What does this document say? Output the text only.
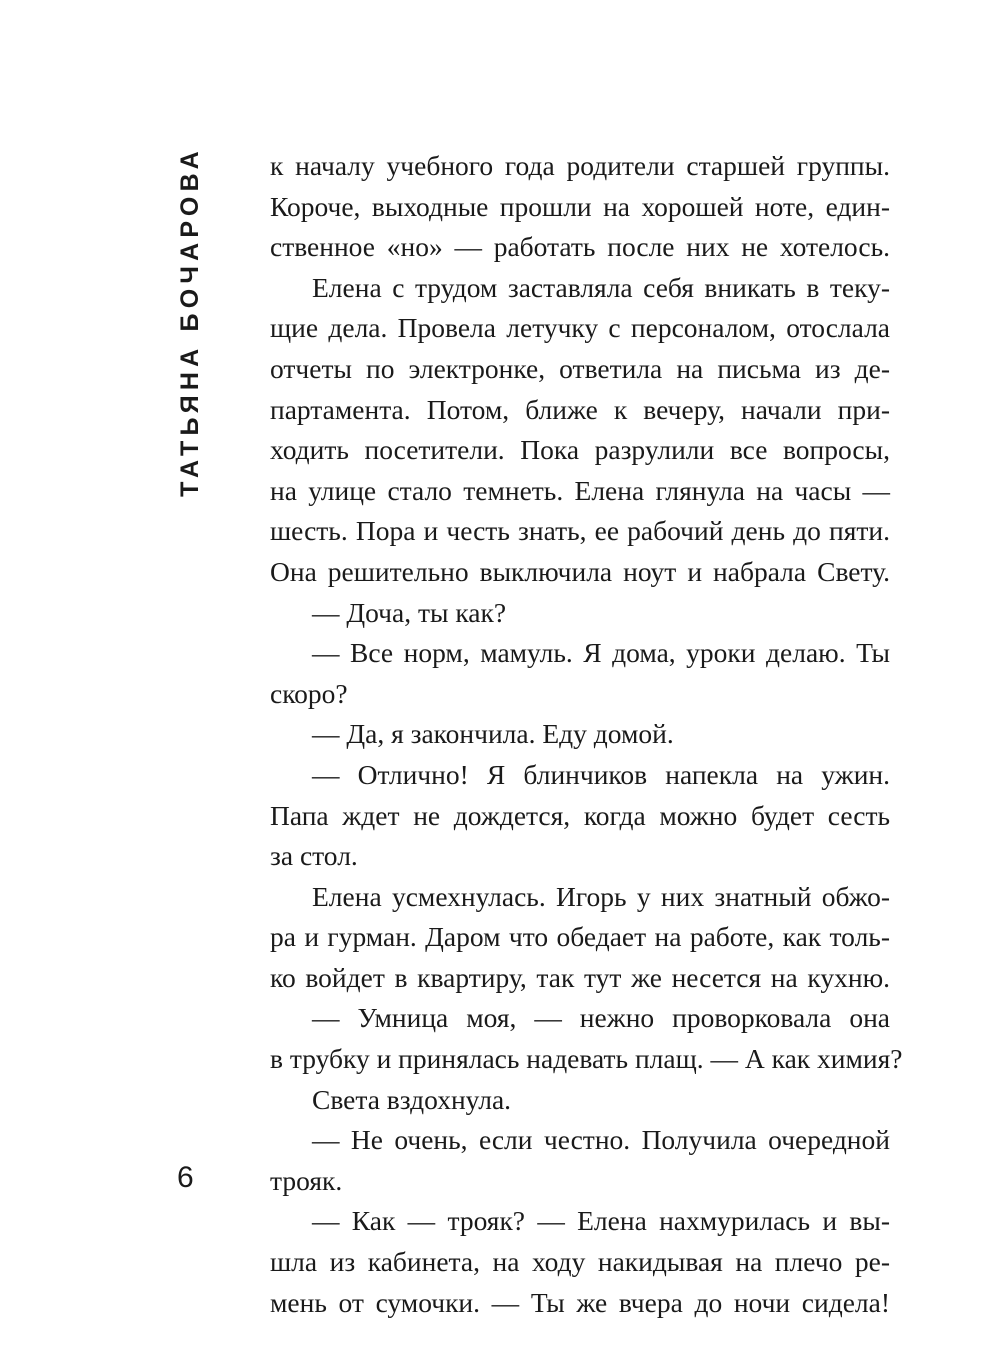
ТАТЬЯНА БОЧАРОВА к началу учебного года родители старшей группы.
Короче, выходные прошли на хорошей ноте, един-
ственное «но» — работать после них не хотелось.
Елена с трудом заставляла себя вникать в теку-
щие дела. Провела летучку с персоналом, отослала
отчеты по электронке, ответила на письма из де-
партамента. Потом, ближе к вечеру, начали при-
ходить посетители. Пока разрулили все вопросы,
на улице стало темнеть. Елена глянула на часы —
шесть. Пора и честь знать, ее рабочий день до пяти.
Она решительно выключила ноут и набрала Свету.
— Доча, ты как?
— Все норм, мамуль. Я дома, уроки делаю. Ты
скоро?
— Да, я закончила. Еду домой.
— Отлично! Я блинчиков напекла на ужин.
Папа ждет не дождется, когда можно будет сесть
за стол.
Елена усмехнулась. Игорь у них знатный обжо-
ра и гурман. Даром что обедает на работе, как толь-
ко войдет в квартиру, так тут же несется на кухню.
— Умница моя, — нежно проворковала она
в трубку и принялась надевать плащ. — А как химия?
Света вздохнула.
— Не очень, если честно. Получила очередной
трояк.
— Как — трояк? — Елена нахмурилась и вы-
шла из кабинета, на ходу накидывая на плечо ре-
мень от сумочки. — Ты же вчера до ночи сидела!
6
